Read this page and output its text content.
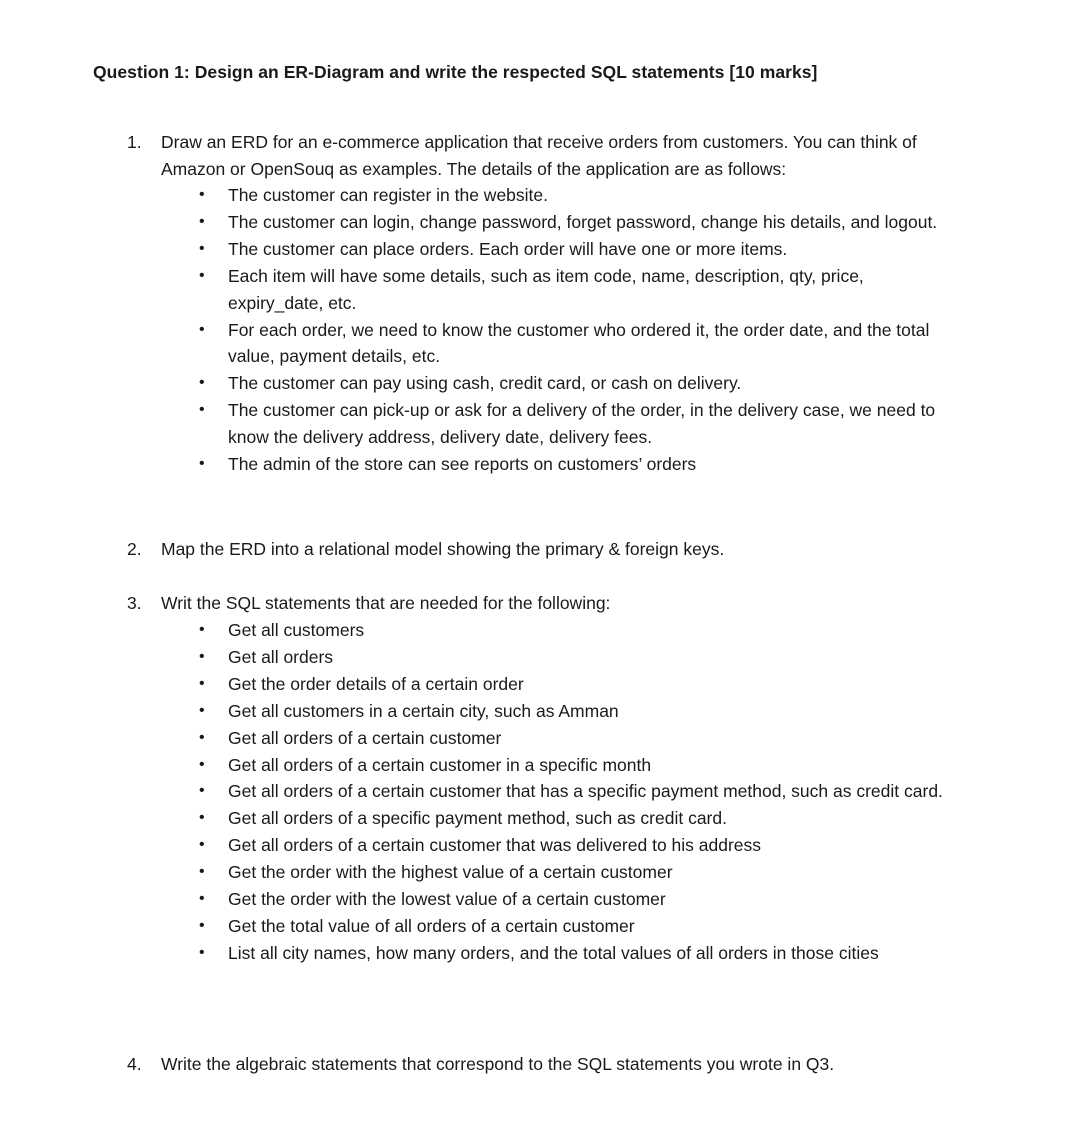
Question 1: Design an ER-Diagram and write the respected SQL statements [10 marks]
1. Draw an ERD for an e-commerce application that receive orders from customers. You can think of Amazon or OpenSouq as examples. The details of the application are as follows:
• The customer can register in the website.
• The customer can login, change password, forget password, change his details, and logout.
• The customer can place orders. Each order will have one or more items.
• Each item will have some details, such as item code, name, description, qty, price, expiry_date, etc.
• For each order, we need to know the customer who ordered it, the order date, and the total value, payment details, etc.
• The customer can pay using cash, credit card, or cash on delivery.
• The customer can pick-up or ask for a delivery of the order, in the delivery case, we need to know the delivery address, delivery date, delivery fees.
• The admin of the store can see reports on customers’ orders
2. Map the ERD into a relational model showing the primary & foreign keys.
3. Writ the SQL statements that are needed for the following:
• Get all customers
• Get all orders
• Get the order details of a certain order
• Get all customers in a certain city, such as Amman
• Get all orders of a certain customer
• Get all orders of a certain customer in a specific month
• Get all orders of a certain customer that has a specific payment method, such as credit card.
• Get all orders of a specific payment method, such as credit card.
• Get all orders of a certain customer that was delivered to his address
• Get the order with the highest value of a certain customer
• Get the order with the lowest value of a certain customer
• Get the total value of all orders of a certain customer
• List all city names, how many orders, and the total values of all orders in those cities
4. Write the algebraic statements that correspond to the SQL statements you wrote in Q3.
